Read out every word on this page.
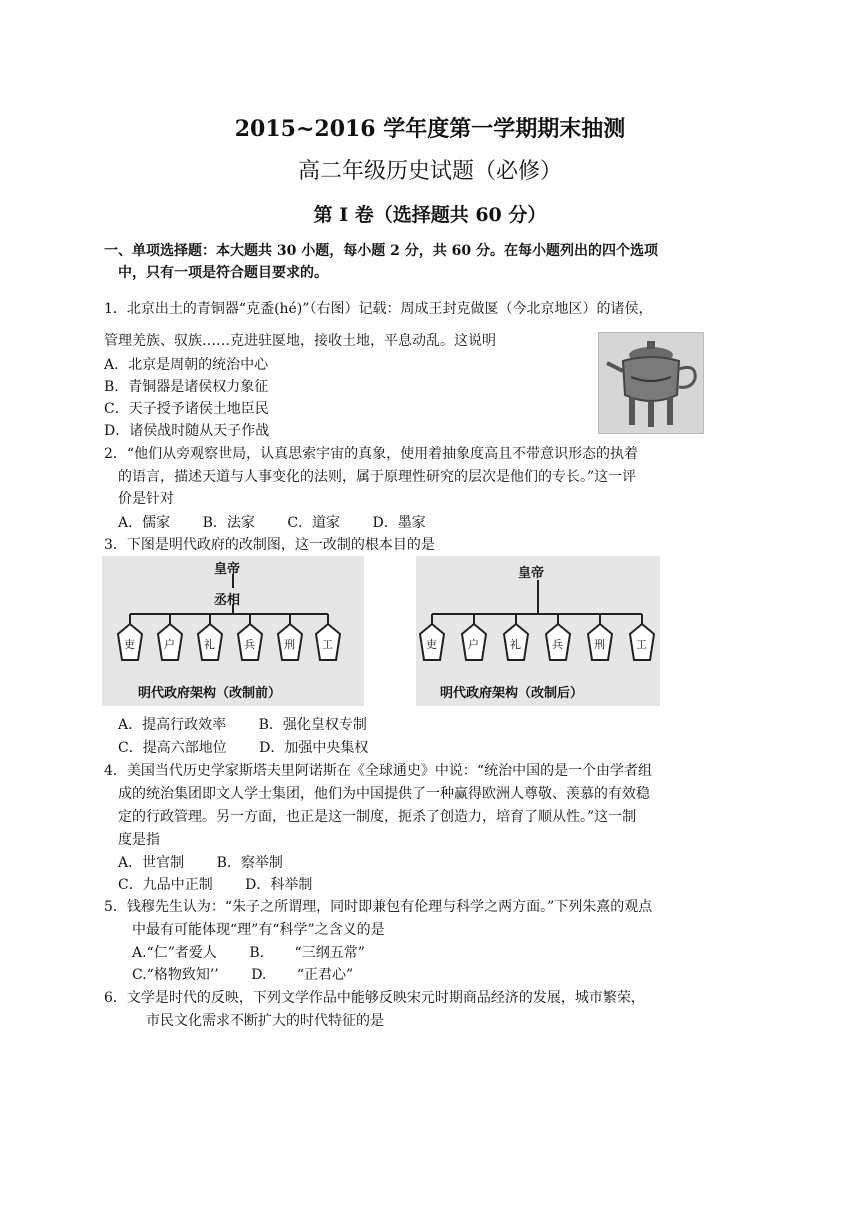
2015~2016 学年度第一学期期末抽测
高二年级历史试题（必修）
第 I 卷（选择题共 60 分）
一、单项选择题：本大题共 30 小题，每小题 2 分，共 60 分。在每小题列出的四个选项
中，只有一项是符合题目要求的。
1．北京出土的青铜器“克盉(hé)”（右图）记载：周成王封克做匽（今北京地区）的诸侯，
管理羌族、驭族……克进驻匽地，接收土地，平息动乱。这说明
A．北京是周朝的统治中心
B．青铜器是诸侯权力象征
C．天子授予诸侯土地臣民
D．诸侯战时随从天子作战
2．“他们从旁观察世局，认真思索宇宙的真象，使用着抽象度高且不带意识形态的执着
的语言，描述天道与人事变化的法则，属于原理性研究的层次是他们的专长。”这一评
价是针对
A．儒家 B．法家 C．道家 D．墨家
3．下图是明代政府的改制图，这一改制的根本目的是
皇帝
丞相
吏	户	礼	兵	刑 工
明代政府架构（改制前）
皇帝
吏	户	礼	兵	刑	工
明代政府架构（改制后）
A．提高行政效率 B．强化皇权专制
C．提高六部地位 D．加强中央集权
4．美国当代历史学家斯塔夫里阿诺斯在《全球通史》中说：“统治中国的是一个由学者组
成的统治集团即文人学士集团，他们为中国提供了一种赢得欧洲人尊敬、羡慕的有效稳
定的行政管理。另一方面，也正是这一制度，扼杀了创造力，培育了顺从性。”这一制
度是指
A．世官制 B．察举制
C．九品中正制 D．科举制
5．钱穆先生认为：“朱子之所谓理，同时即兼包有伦理与科学之两方面。”下列朱熹的观点
中最有可能体现“理”有“科学”之含义的是
A.“仁”者爱人 B. “三纲五常”
C.“格物致知’’ D. “正君心”
6．文学是时代的反映，下列文学作品中能够反映宋元时期商品经济的发展，城市繁荣，
市民文化需求不断扩大的时代特征的是
